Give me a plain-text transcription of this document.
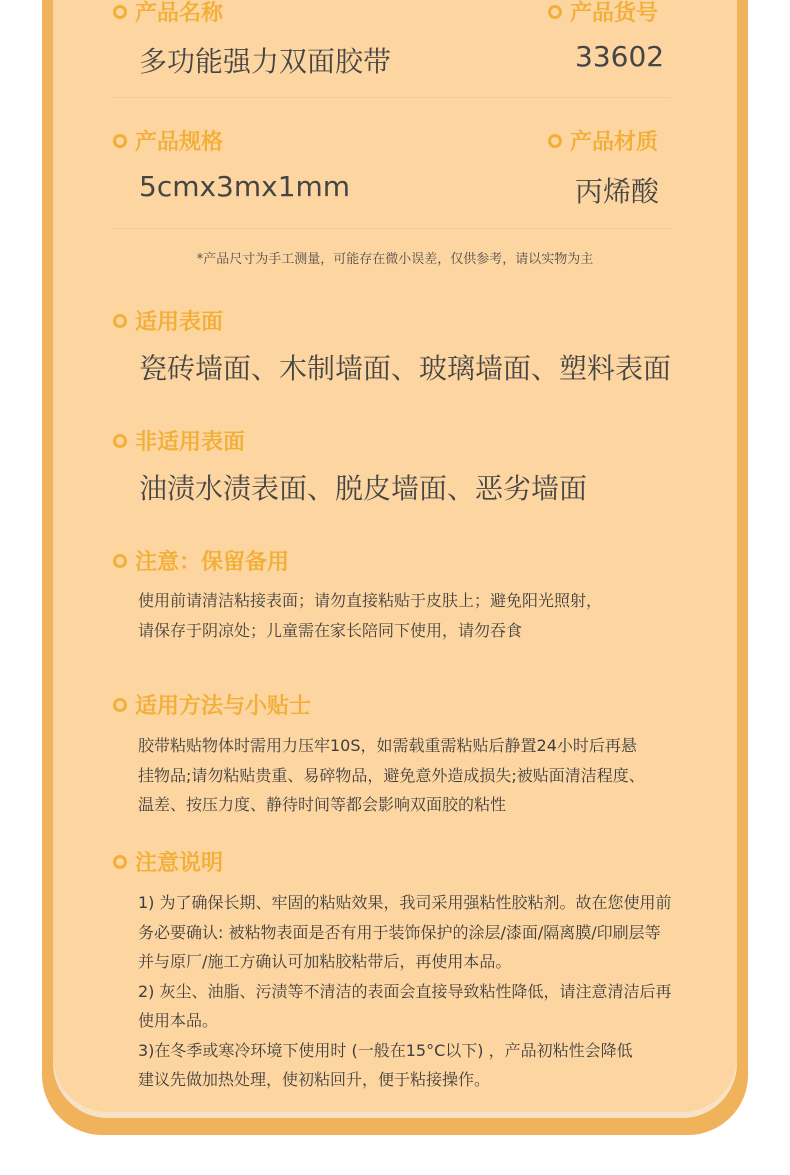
产品名称
多功能强力双面胶带
产品货号
33602
产品规格
5cmx3mx1mm
产品材质
丙烯酸
*产品尺寸为手工测量，可能存在微小误差，仅供参考，请以实物为主
适用表面
瓷砖墙面、木制墙面、玻璃墙面、塑料表面
非适用表面
油渍水渍表面、脱皮墙面、恶劣墙面
注意：保留备用
使用前请清洁粘接表面；请勿直接粘贴于皮肤上；避免阳光照射，
请保存于阴凉处；儿童需在家长陪同下使用，请勿吞食
适用方法与小贴士
胶带粘贴物体时需用力压牢10S，如需载重需粘贴后静置24小时后再悬
挂物品;请勿粘贴贵重、易碎物品，避免意外造成损失;被贴面清洁程度、
温差、按压力度、静待时间等都会影响双面胶的粘性
注意说明
1) 为了确保长期、牢固的粘贴效果，我司采用强粘性胶粘剂。故在您使用前
务必要确认: 被粘物表面是否有用于装饰保护的涂层/漆面/隔离膜/印刷层等
并与原厂/施工方确认可加粘胶粘带后，再使用本品。
2) 灰尘、油脂、污渍等不清洁的表面会直接导致粘性降低，请注意清洁后再
使用本品。
3)在冬季或寒冷环境下使用时 (一般在15°C以下) ，产品初粘性会降低
建议先做加热处理，使初粘回升，便于粘接操作。
